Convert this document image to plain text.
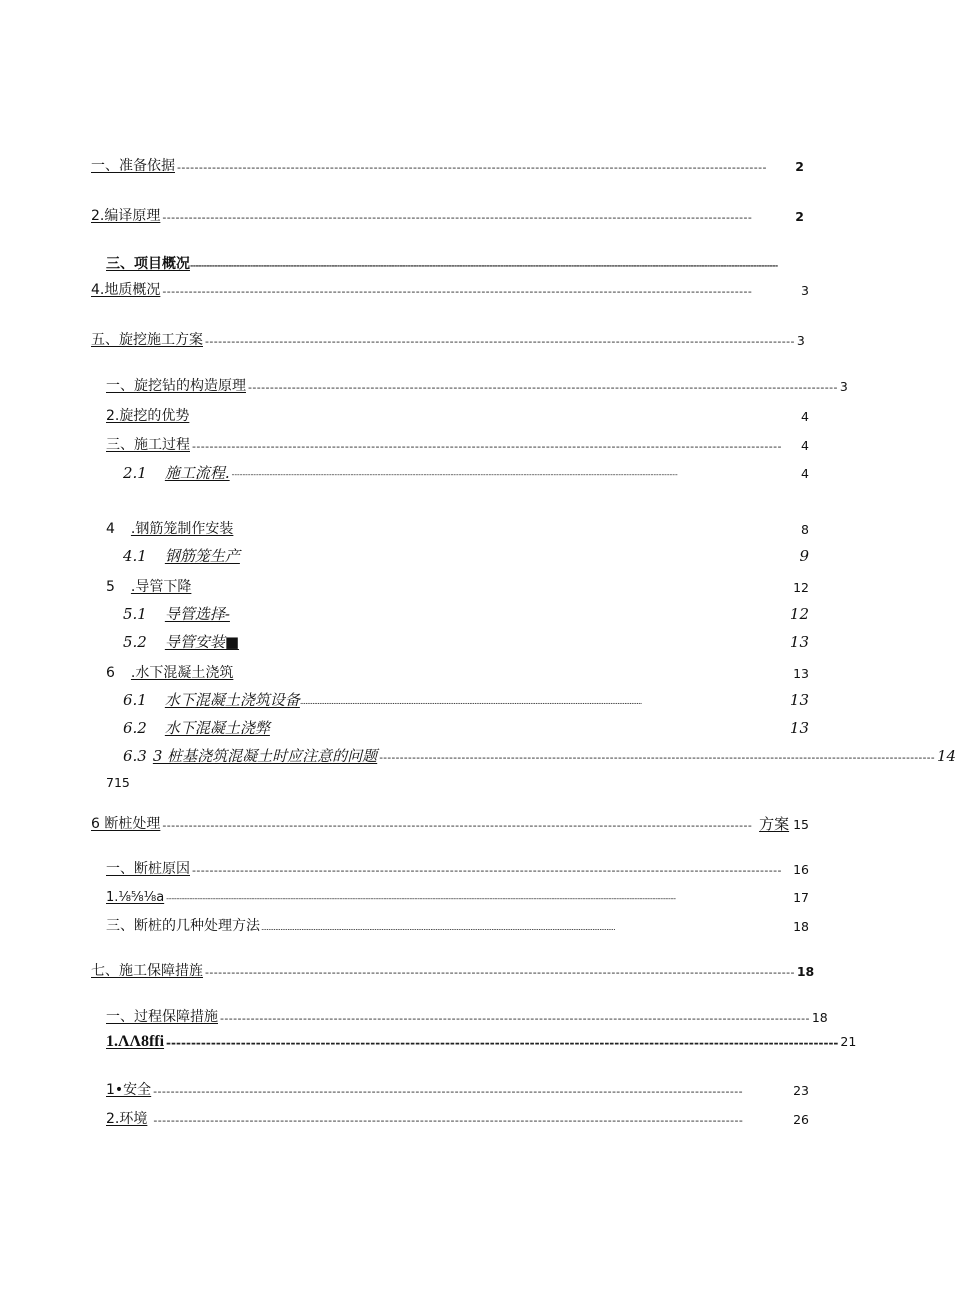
一、准备依据 ---------------------------------------------------------------------------------------------------------------------------------------	2
2.编译原理 ---------------------------------------------------------------------------------------------------------------------------------------	2
三、项目概况 ------------------------------------------------------------------------------------------------------------------------------------------------------------------------------------------------------------------------
4.地质概况 ---------------------------------------------------------------------------------------------------------------------------------------	3
五、旋挖施工方案 --------------------------------------------------------------------------------------------------------------------------------------- 3
一、旋挖钻的构造原理 --------------------------------------------------------------------------------------------------------------------------------------- 3
2.旋挖的优势	4
三、施工过程 ---------------------------------------------------------------------------------------------------------------------------------------	4
2.1 施工流程. ---------------------------------------------------------------------------------------------------------------------------------------------------------------------	4
4 .钢筋笼制作安装	8
4.1 钢筋笼生产	9
5 .导管下降	12
5.1 导管选择-	12
5.2 导管安装■	13
6 .水下混凝土浇筑	13
6.1 水下混凝土浇筑设备 ....................................................................................................................................................................................................	13
6.2 水下混凝土浇弊	13
6.3 3 桩基浇筑混凝土时应注意的问题 --------------------------------------------------------------------------------------------------------------------------------------- 14
715
6 断桩处理 --------------------------------------------------------------------------------------------------------------------------------------- 方案 15
一、断桩原因 --------------------------------------------------------------------------------------------------------------------------------------- 16
1.⅛⅝⅛a -----------------------------------------------------------------------------------------------------------------------------------------------------------------------------------------------------	17
三、断桩的几种处理方法 ...........................................................................................................................................................................................................	18
七、施工保障措旌 --------------------------------------------------------------------------------------------------------------------------------------- 18
一、过程保障措施 --------------------------------------------------------------------------------------------------------------------------------------- 18
1.ΛΛ8ffi --------------------------------------------------------------------------------------------------------------------------------------- 21
1•安全 ---------------------------------------------------------------------------------------------------------------------------------------	23
2.环境 ---------------------------------------------------------------------------------------------------------------------------------------	26
